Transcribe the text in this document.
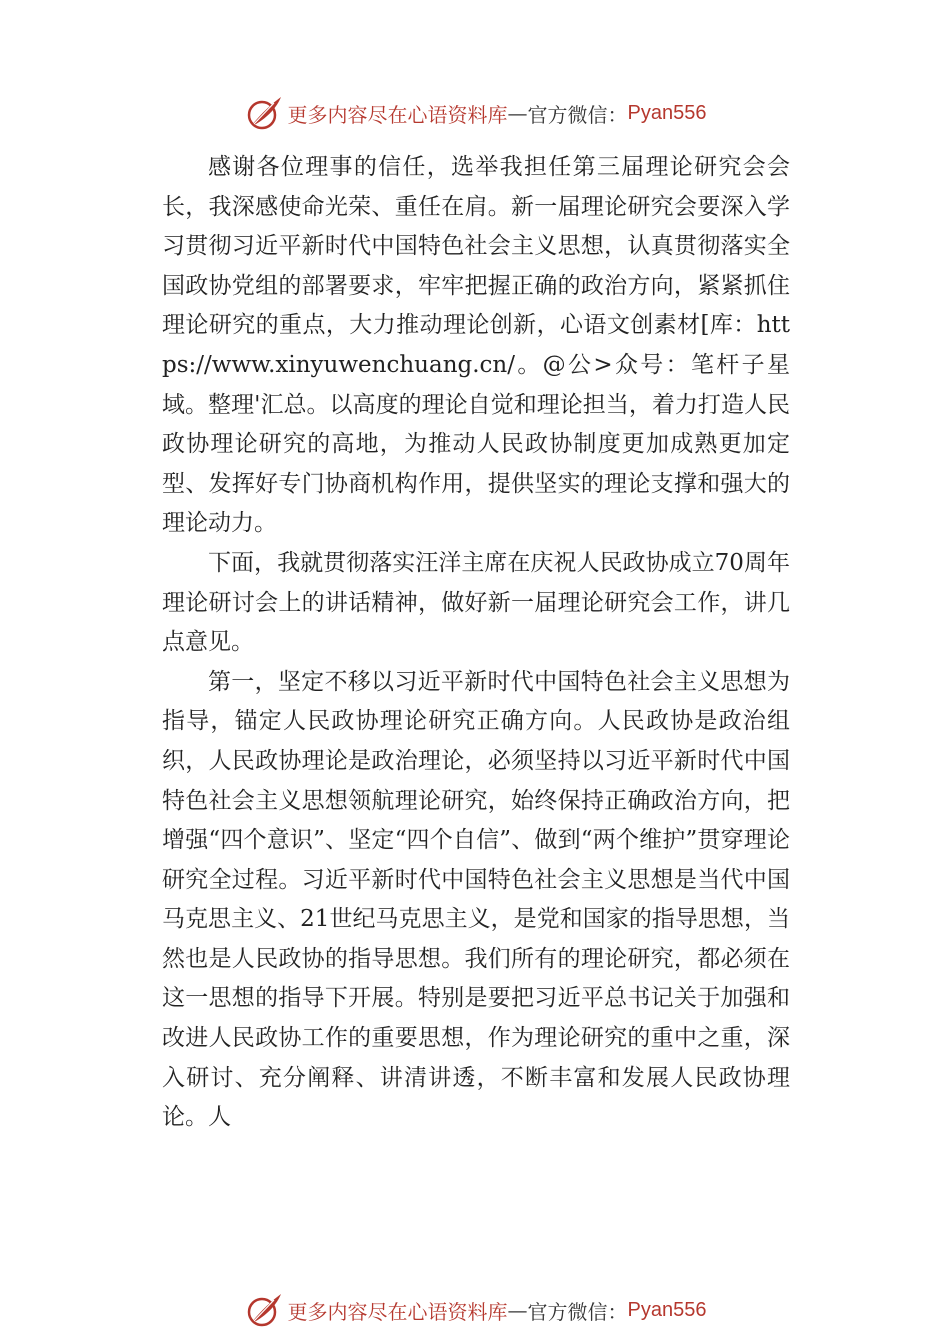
更多内容尽在心语资料库 — 官方微信： Pyan556

感谢各位理事的信任，选举我担任第三届理论研究会会长，我深感使命光荣、重任在肩。新一届理论研究会要深入学习贯彻习近平新时代中国特色社会主义思想，认真贯彻落实全国政协党组的部署要求，牢牢把握正确的政治方向，紧紧抓住理论研究的重点，大力推动理论创新，心语文创素材[库：https://www.xinyuwenchuang.cn/。@公>众号：笔杆子星域。整理'汇总。以高度的理论自觉和理论担当，着力打造人民政协理论研究的高地，为推动人民政协制度更加成熟更加定型、发挥好专门协商机构作用，提供坚实的理论支撑和强大的理论动力。

下面，我就贯彻落实汪洋主席在庆祝人民政协成立70周年理论研讨会上的讲话精神，做好新一届理论研究会工作，讲几点意见。

第一，坚定不移以习近平新时代中国特色社会主义思想为指导，锚定人民政协理论研究正确方向。人民政协是政治组织，人民政协理论是政治理论，必须坚持以习近平新时代中国特色社会主义思想领航理论研究，始终保持正确政治方向，把增强“四个意识”、坚定“四个自信”、做到“两个维护”贯穿理论研究全过程。习近平新时代中国特色社会主义思想是当代中国马克思主义、21世纪马克思主义，是党和国家的指导思想，当然也是人民政协的指导思想。我们所有的理论研究，都必须在这一思想的指导下开展。特别是要把习近平总书记关于加强和改进人民政协工作的重要思想，作为理论研究的重中之重，深入研讨、充分阐释、讲清讲透，不断丰富和发展人民政协理论。人

更多内容尽在心语资料库 — 官方微信： Pyan556
